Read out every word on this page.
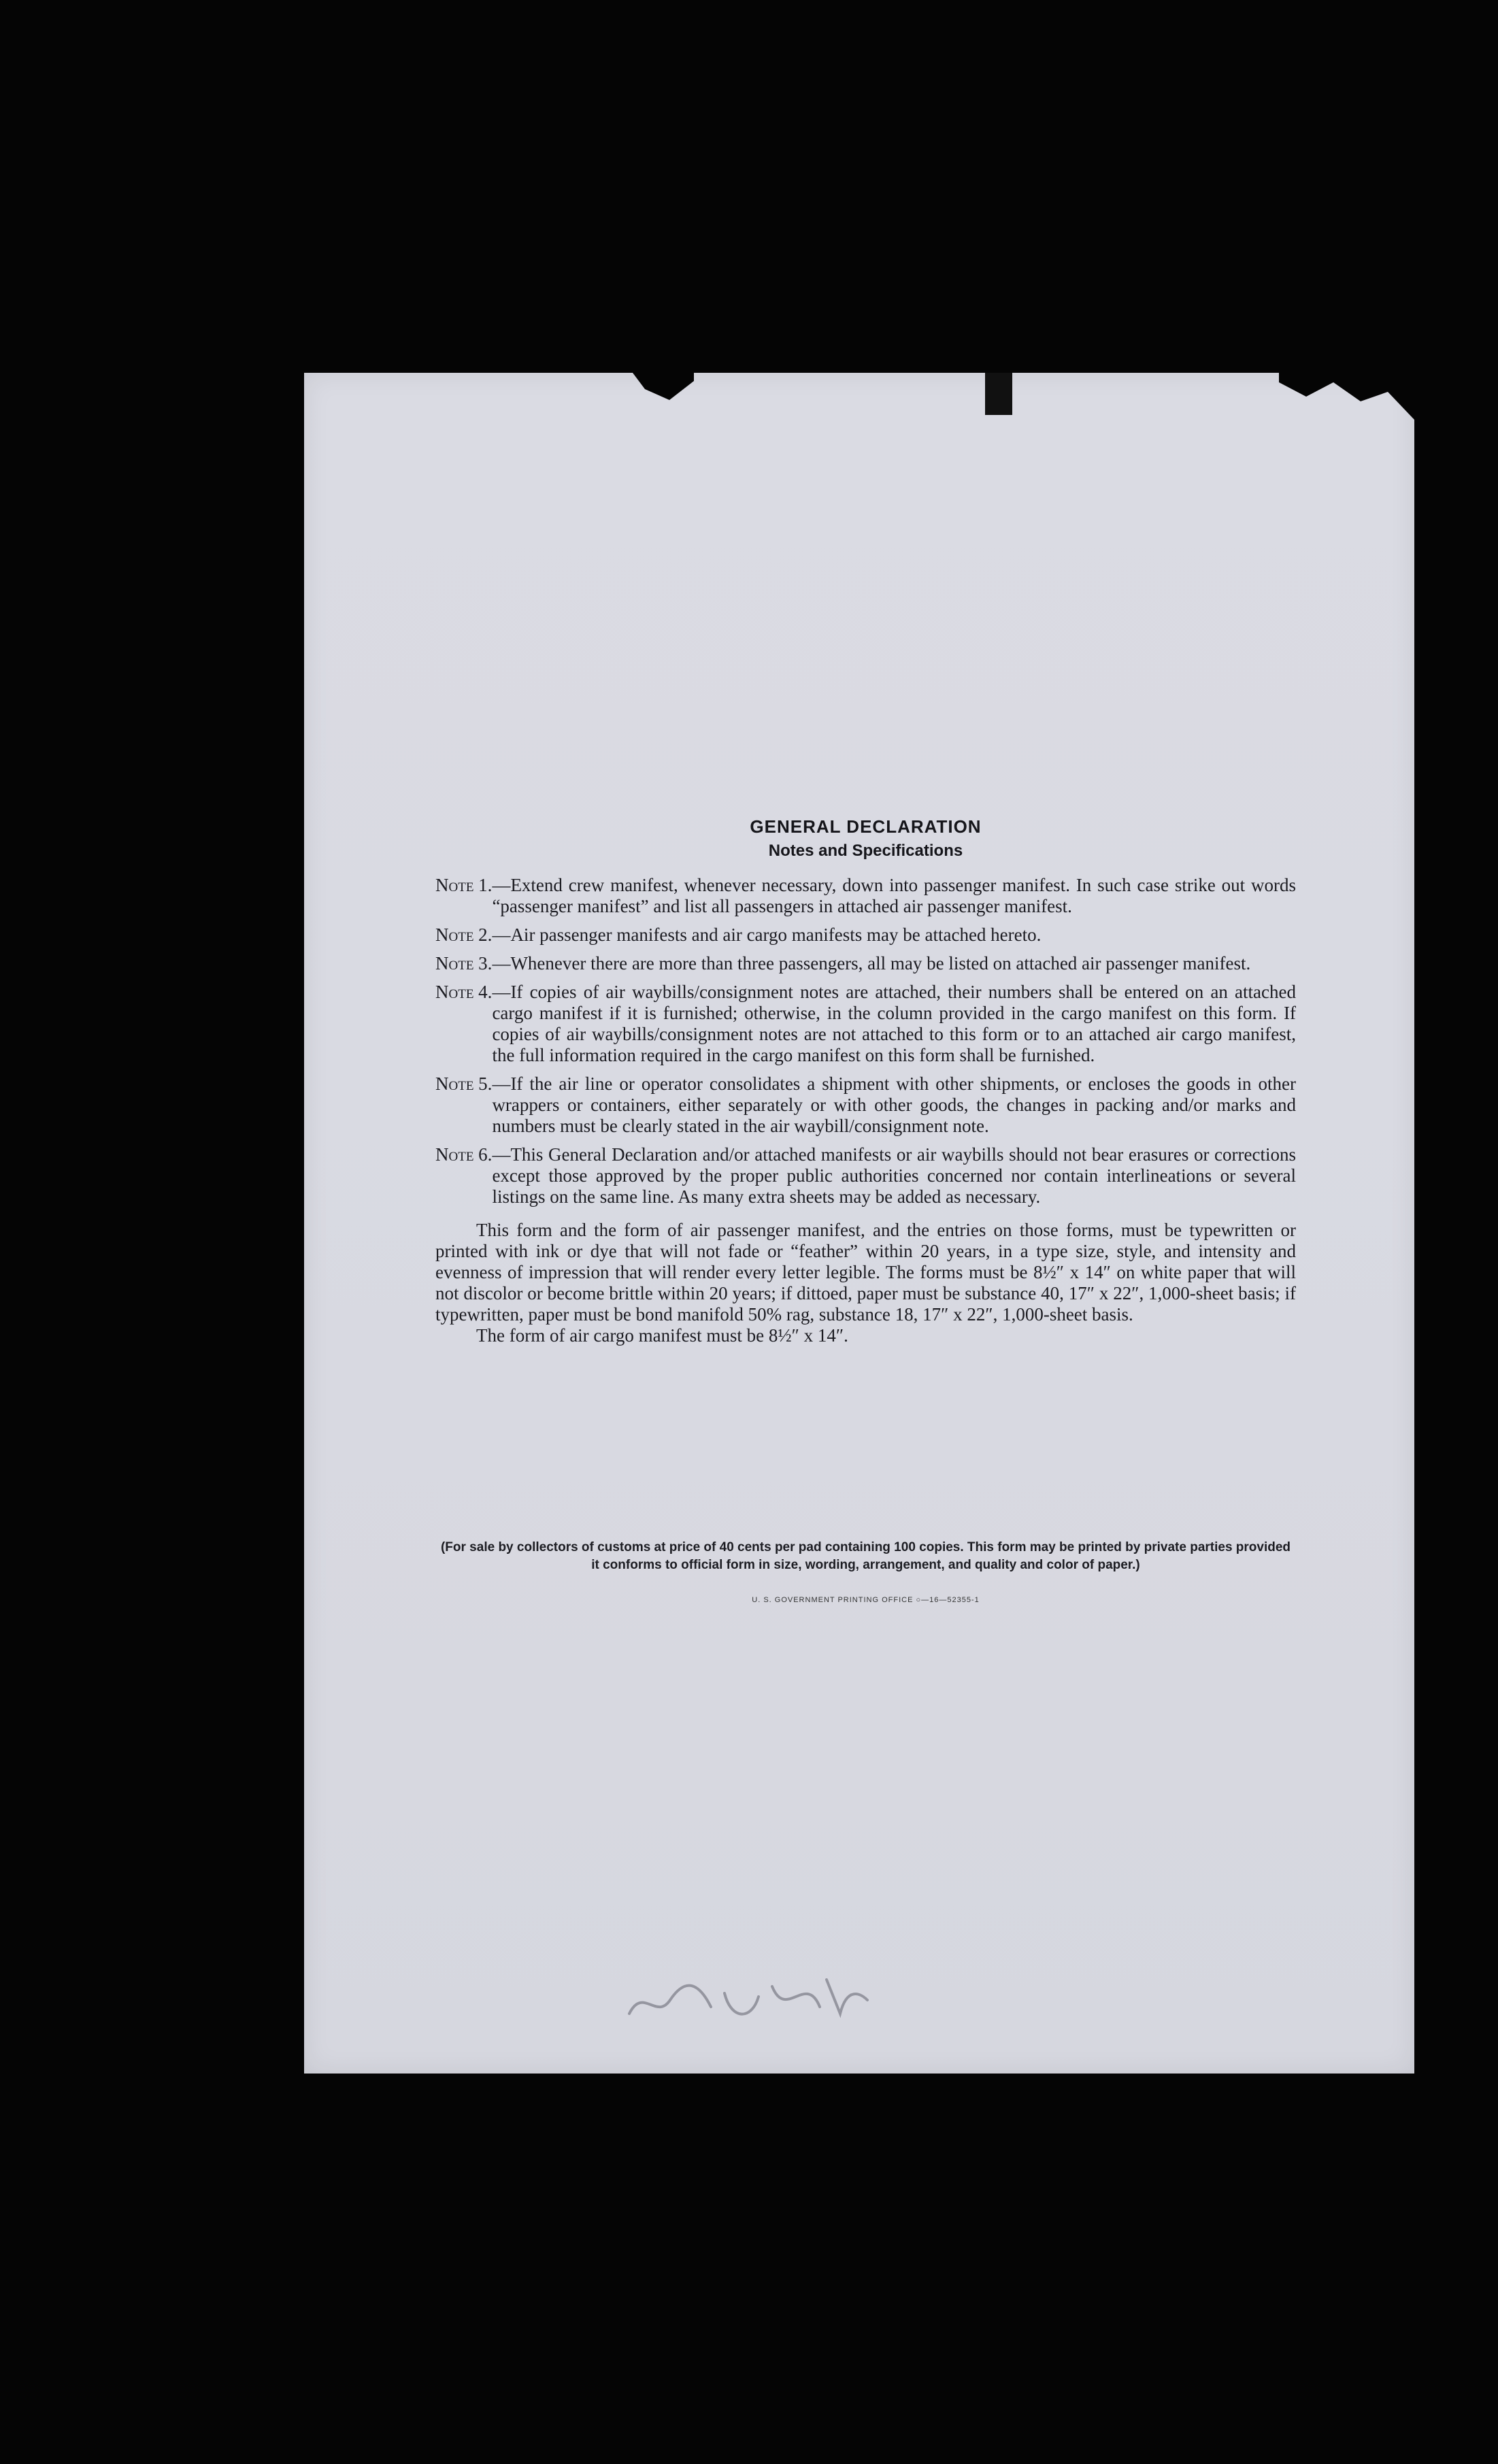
GENERAL DECLARATION
Notes and Specifications
Note 1. —Extend crew manifest, whenever necessary, down into passenger manifest. In such case strike out words “passenger manifest” and list all passengers in attached air passenger manifest.
Note 2. —Air passenger manifests and air cargo manifests may be attached hereto.
Note 3. —Whenever there are more than three passengers, all may be listed on attached air passenger manifest.
Note 4. —If copies of air waybills/consignment notes are attached, their numbers shall be entered on an attached cargo manifest if it is furnished; otherwise, in the column provided in the cargo manifest on this form. If copies of air waybills/consignment notes are not attached to this form or to an attached air cargo manifest, the full information required in the cargo manifest on this form shall be furnished.
Note 5. —If the air line or operator consolidates a shipment with other shipments, or encloses the goods in other wrappers or containers, either separately or with other goods, the changes in packing and/or marks and numbers must be clearly stated in the air waybill/consignment note.
Note 6. —This General Declaration and/or attached manifests or air waybills should not bear erasures or corrections except those approved by the proper public authorities concerned nor contain interlineations or several listings on the same line. As many extra sheets may be added as necessary.

This form and the form of air passenger manifest, and the entries on those forms, must be typewritten or printed with ink or dye that will not fade or “feather” within 20 years, in a type size, style, and intensity and evenness of impression that will render every letter legible. The forms must be 8½″ x 14″ on white paper that will not discolor or become brittle within 20 years; if dittoed, paper must be substance 40, 17″ x 22″, 1,000-sheet basis; if typewritten, paper must be bond manifold 50% rag, substance 18, 17″ x 22″, 1,000-sheet basis.

The form of air cargo manifest must be 8½″ x 14″.

(For sale by collectors of customs at price of 40 cents per pad containing 100 copies. This form may be printed by private parties provided it conforms to official form in size, wording, arrangement, and quality and color of paper.)
U. S. GOVERNMENT PRINTING OFFICE ○—16—52355-1
